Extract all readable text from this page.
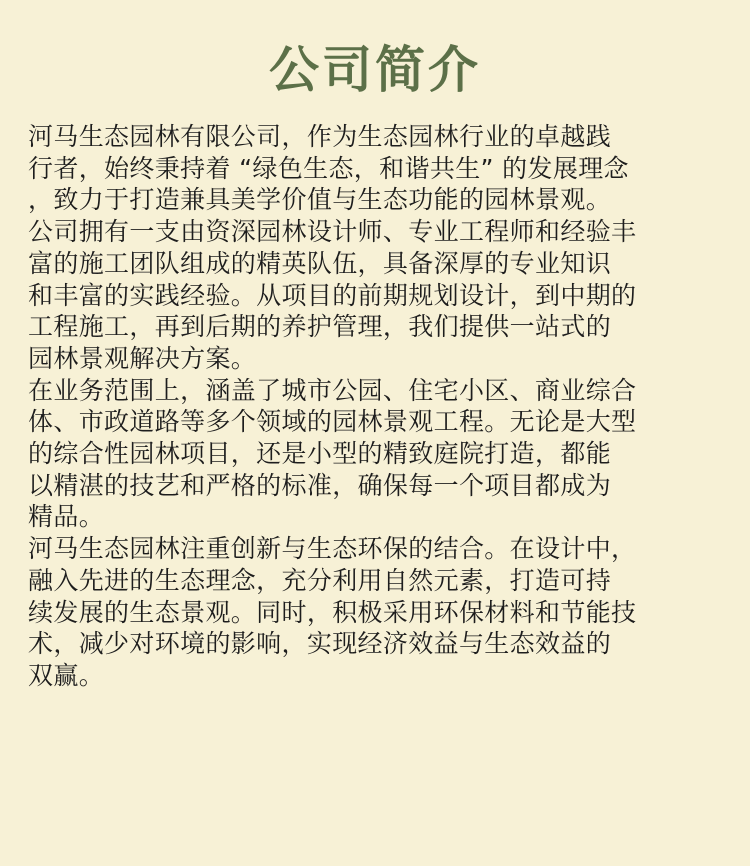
公司简介
河马生态园林有限公司，作为生态园林行业的卓越践
行者，始终秉持着 “绿色生态，和谐共生” 的发展理念
，致力于打造兼具美学价值与生态功能的园林景观。
公司拥有一支由资深园林设计师、专业工程师和经验丰
富的施工团队组成的精英队伍，具备深厚的专业知识
和丰富的实践经验。从项目的前期规划设计，到中期的
工程施工，再到后期的养护管理，我们提供一站式的
园林景观解决方案。
在业务范围上，涵盖了城市公园、住宅小区、商业综合
体、市政道路等多个领域的园林景观工程。无论是大型
的综合性园林项目，还是小型的精致庭院打造，都能
以精湛的技艺和严格的标准，确保每一个项目都成为
精品。
河马生态园林注重创新与生态环保的结合。在设计中，
融入先进的生态理念，充分利用自然元素，打造可持
续发展的生态景观。同时，积极采用环保材料和节能技
术，减少对环境的影响，实现经济效益与生态效益的
双赢。
